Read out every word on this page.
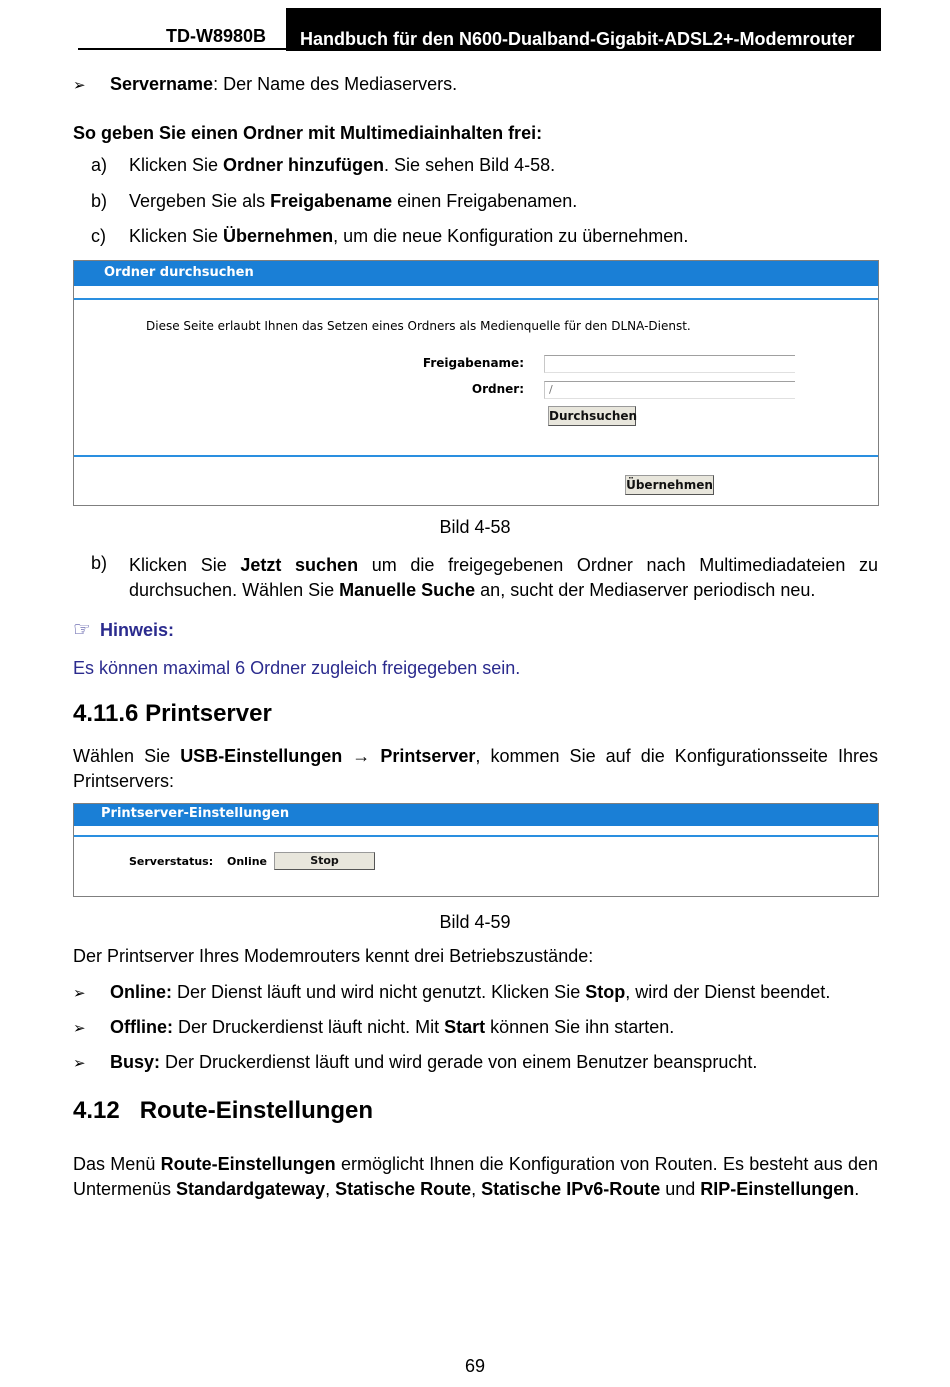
TD-W8980B	Handbuch für den N600-Dualband-Gigabit-ADSL2+-Modemrouter
➢ Servername: Der Name des Mediaservers.
So geben Sie einen Ordner mit Multimediainhalten frei:
a) Klicken Sie Ordner hinzufügen. Sie sehen Bild 4-58.
b) Vergeben Sie als Freigabename einen Freigabenamen.
c) Klicken Sie Übernehmen, um die neue Konfiguration zu übernehmen.
Ordner durchsuchen
Diese Seite erlaubt Ihnen das Setzen eines Ordners als Medienquelle für den DLNA-Dienst.
Freigabename:
Ordner:	/
Durchsuchen
Übernehmen
Bild 4-58
b) Klicken Sie Jetzt suchen um die freigegebenen Ordner nach Multimediadateien zu durchsuchen. Wählen Sie Manuelle Suche an, sucht der Mediaserver periodisch neu.
☞ Hinweis:
Es können maximal 6 Ordner zugleich freigegeben sein.
4.11.6 Printserver
Wählen Sie USB-Einstellungen → Printserver, kommen Sie auf die Konfigurationsseite Ihres Printservers:
Printserver-Einstellungen
Serverstatus: Online	Stop
Bild 4-59
Der Printserver Ihres Modemrouters kennt drei Betriebszustände:
➢ Online: Der Dienst läuft und wird nicht genutzt. Klicken Sie Stop, wird der Dienst beendet.
➢ Offline: Der Druckerdienst läuft nicht. Mit Start können Sie ihn starten.
➢ Busy: Der Druckerdienst läuft und wird gerade von einem Benutzer beansprucht.
4.12 Route-Einstellungen
Das Menü Route-Einstellungen ermöglicht Ihnen die Konfiguration von Routen. Es besteht aus den Untermenüs Standardgateway, Statische Route, Statische IPv6-Route und RIP-Einstellungen.
69
